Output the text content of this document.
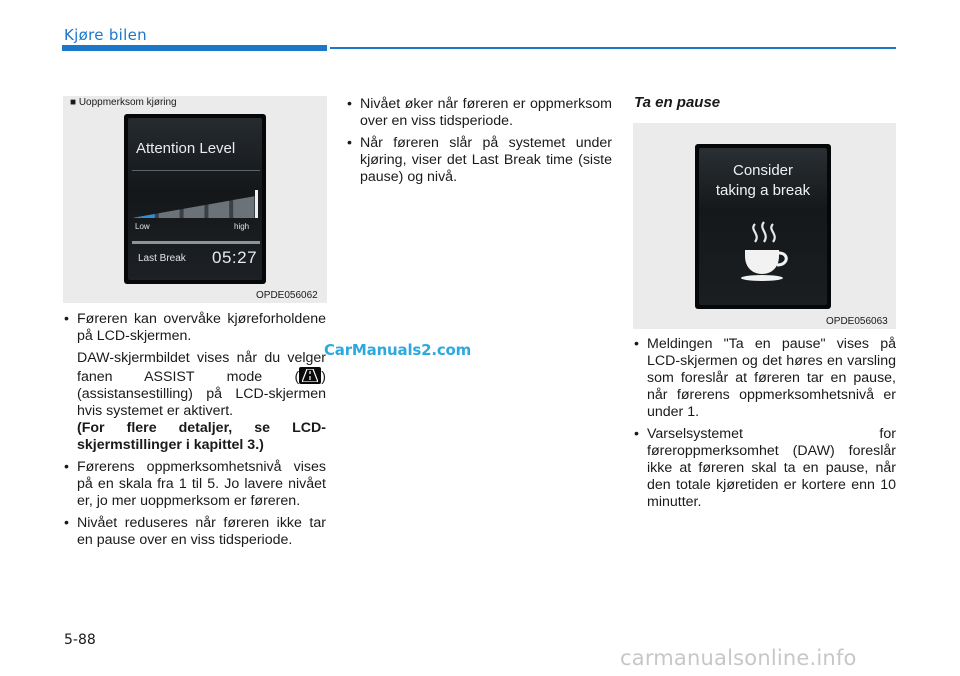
Kjøre bilen
■ Uoppmerksom kjøring
Attention Level
Low	high
Last Break 05:27
OPDE056062

• Føreren kan overvåke kjøreforholdene på LCD-skjermen.

DAW-skjermbildet vises når du velger fanen ASSIST mode ( ) (assistansestilling) på LCD-skjermen hvis systemet er aktivert.
(For flere detaljer, se LCD-skjermstillinger i kapittel 3.)

• Førerens oppmerksomhetsnivå vises på en skala fra 1 til 5. Jo lavere nivået er, jo mer uoppmerksom er føreren.

• Nivået reduseres når føreren ikke tar en pause over en viss tidsperiode.

• Nivået øker når føreren er oppmerksom over en viss tidsperiode.

• Når føreren slår på systemet under kjøring, viser det Last Break time (siste pause) og nivå.

Ta en pause
Consider
taking a break
OPDE056063

• Meldingen "Ta en pause" vises på LCD-skjermen og det høres en varsling som foreslår at føreren tar en pause, når førerens oppmerksomhetsnivå er under 1.

• Varselsystemet for føreroppmerksomhet (DAW) foreslår ikke at føreren skal ta en pause, når den totale kjøretiden er kortere enn 10 minutter.

CarManuals2.com
5-88
carmanualsonline.info
